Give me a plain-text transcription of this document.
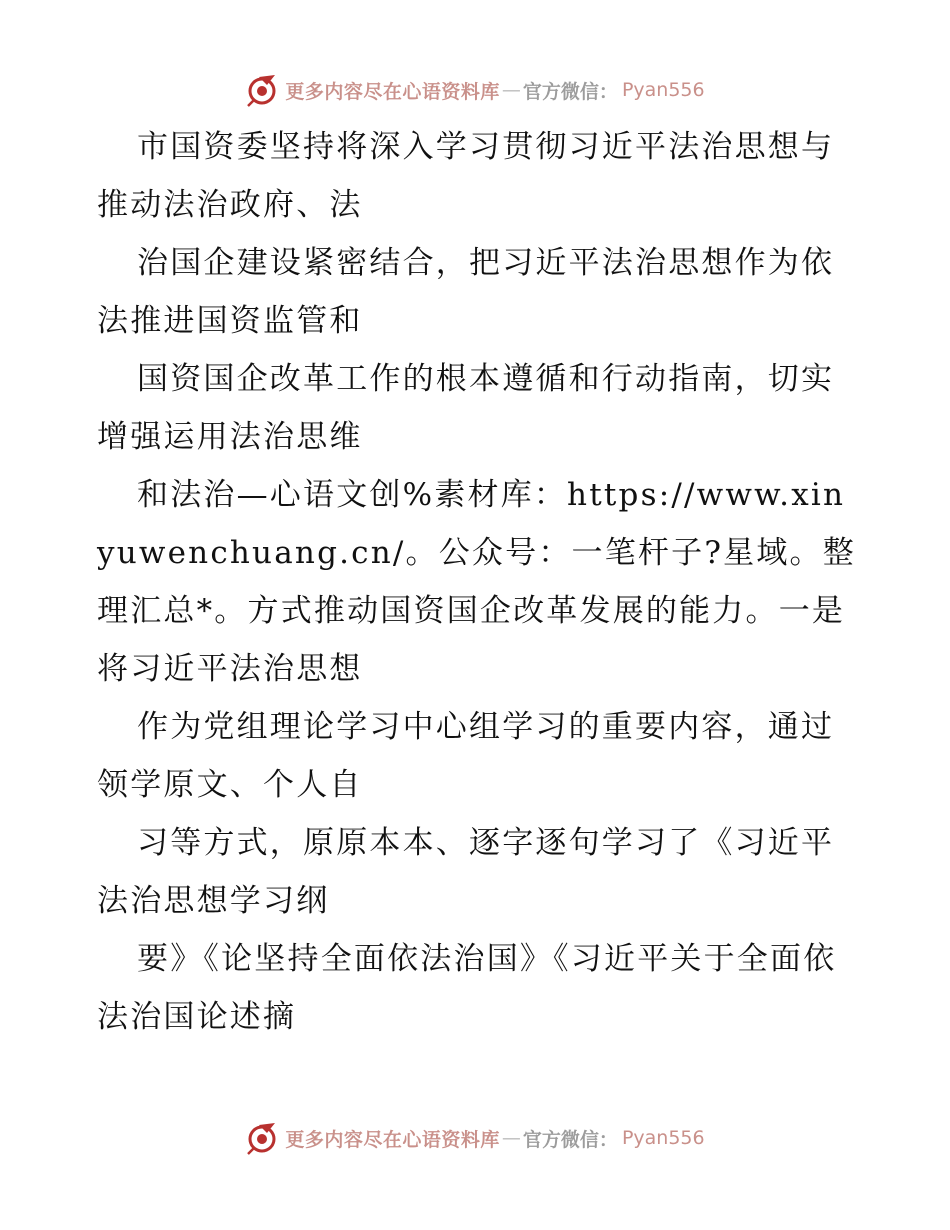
更多内容尽在心语资料库 — 官方微信： Pyan556

市国资委坚持将深入学习贯彻习近平法治思想与推动法治政府、法

治国企建设紧密结合，把习近平法治思想作为依法推进国资监管和

国资国企改革工作的根本遵循和行动指南，切实增强运用法治思维

和法治—心语文创%素材库：https://www.xinyuwenchuang.cn/。公众号：一笔杆子?星域。整理汇总*。方式推动国资国企改革发展的能力。一是将习近平法治思想

作为党组理论学习中心组学习的重要内容，通过领学原文、个人自

习等方式，原原本本、逐字逐句学习了《习近平法治思想学习纲

要》《论坚持全面依法治国》《习近平关于全面依法治国论述摘

更多内容尽在心语资料库 — 官方微信： Pyan556
